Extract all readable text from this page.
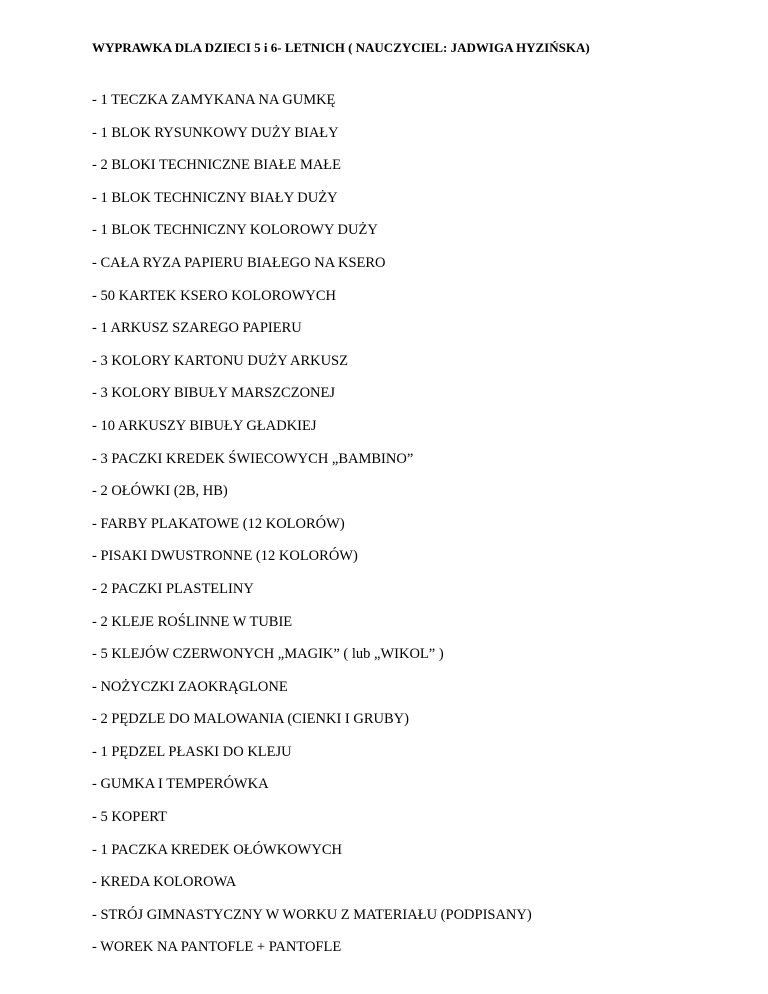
WYPRAWKA DLA DZIECI 5 i 6- LETNICH ( NAUCZYCIEL: JADWIGA HYZIŃSKA)
- 1 TECZKA ZAMYKANA NA GUMKĘ
- 1 BLOK RYSUNKOWY DUŻY BIAŁY
- 2 BLOKI TECHNICZNE BIAŁE MAŁE
- 1 BLOK TECHNICZNY BIAŁY DUŻY
- 1 BLOK TECHNICZNY KOLOROWY DUŻY
- CAŁA RYZA PAPIERU BIAŁEGO NA KSERO
- 50 KARTEK KSERO KOLOROWYCH
- 1 ARKUSZ SZAREGO PAPIERU
- 3 KOLORY KARTONU DUŻY ARKUSZ
- 3 KOLORY BIBUŁY MARSZCZONEJ
- 10 ARKUSZY BIBUŁY GŁADKIEJ
- 3 PACZKI KREDEK ŚWIECOWYCH „BAMBINO”
- 2 OŁÓWKI (2B, HB)
- FARBY PLAKATOWE (12 KOLORÓW)
- PISAKI DWUSTRONNE (12 KOLORÓW)
- 2 PACZKI PLASTELINY
- 2 KLEJE ROŚLINNE W TUBIE
- 5 KLEJÓW CZERWONYCH „MAGIK” ( lub „WIKOL” )
- NOŻYCZKI ZAOKRĄGLONE
- 2 PĘDZLE DO MALOWANIA (CIENKI I GRUBY)
- 1 PĘDZEL PŁASKI DO KLEJU
- GUMKA I TEMPERÓWKA
- 5 KOPERT
- 1 PACZKA KREDEK OŁÓWKOWYCH
- KREDA KOLOROWA
- STRÓJ GIMNASTYCZNY W WORKU Z MATERIAŁU (PODPISANY)
- WOREK NA PANTOFLE + PANTOFLE
